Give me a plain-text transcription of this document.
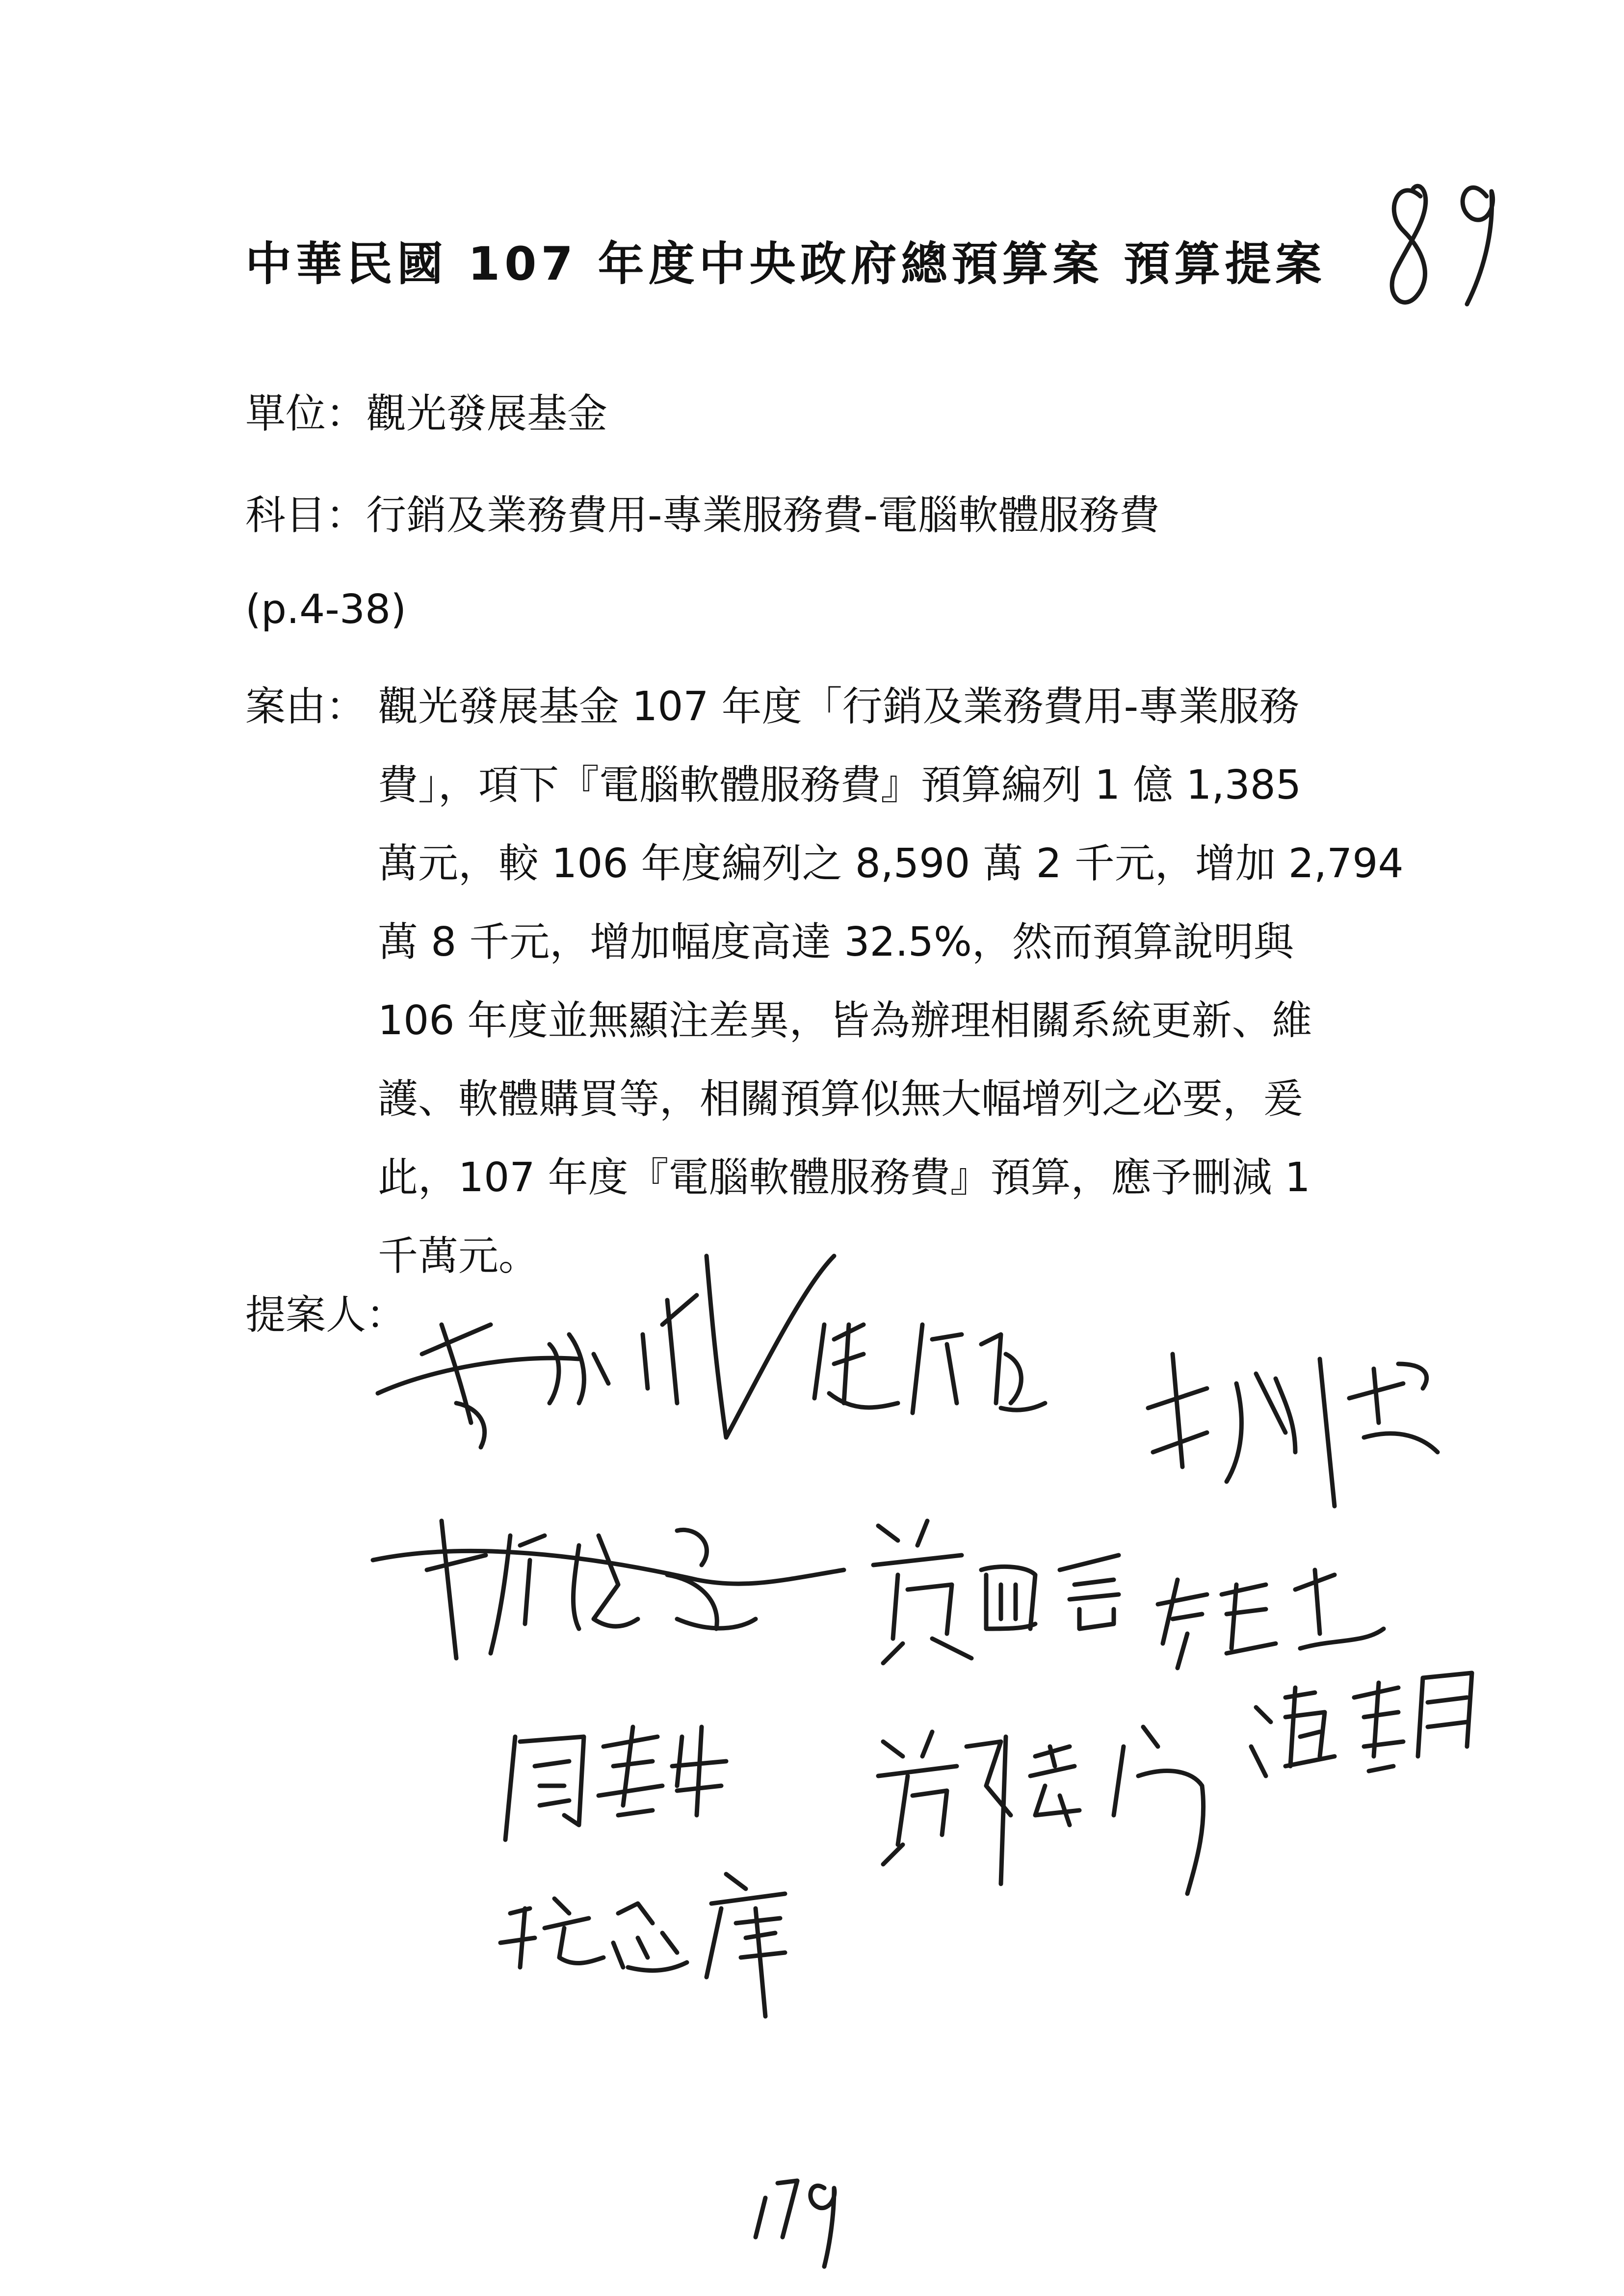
中華民國 107 年度中央政府總預算案 預算提案
單位：觀光發展基金
科目：行銷及業務費用-專業服務費-電腦軟體服務費
(p.4-38)
案由： 觀光發展基金 107 年度「行銷及業務費用-專業服務
費」，項下『電腦軟體服務費』預算編列 1 億 1,385
萬元，較 106 年度編列之 8,590 萬 2 千元，增加 2,794
萬 8 千元，增加幅度高達 32.5%，然而預算說明與
106 年度並無顯注差異，皆為辦理相關系統更新、維
護、軟體購買等，相關預算似無大幅增列之必要，爰
此，107 年度『電腦軟體服務費』預算，應予刪減 1
千萬元。
提案人：
